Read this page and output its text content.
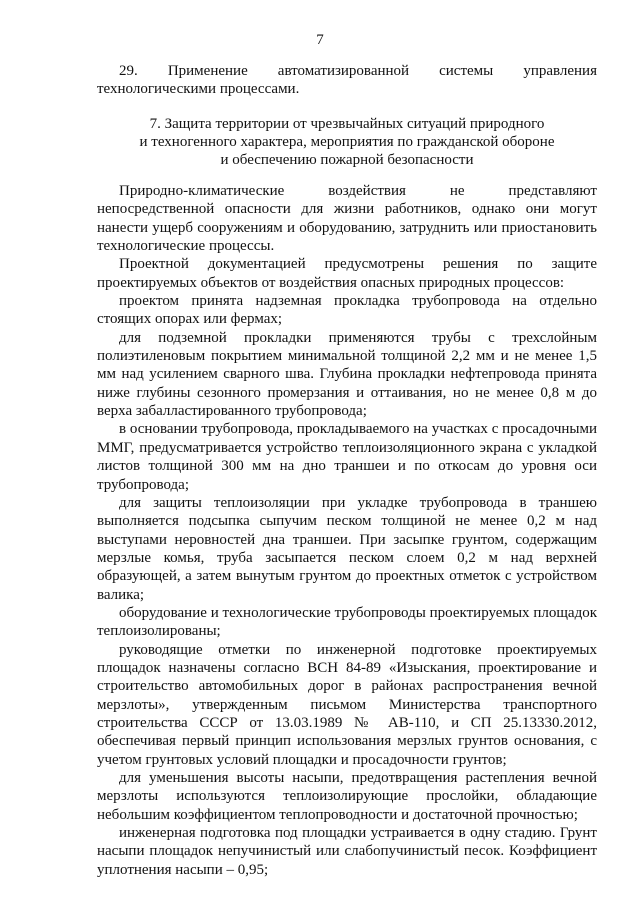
7

29. Применение автоматизированной системы управления технологическими процессами.

7. Защита территории от чрезвычайных ситуаций природного
и техногенного характера, мероприятия по гражданской обороне
и обеспечению пожарной безопасности

Природно-климатические воздействия не представляют непосредственной опасности для жизни работников, однако они могут нанести ущерб сооружениям и оборудованию, затруднить или приостановить технологические процессы.

Проектной документацией предусмотрены решения по защите проектируемых объектов от воздействия опасных природных процессов:

проектом принята надземная прокладка трубопровода на отдельно стоящих опорах или фермах;

для подземной прокладки применяются трубы с трехслойным полиэтиленовым покрытием минимальной толщиной 2,2 мм и не менее 1,5 мм над усилением сварного шва. Глубина прокладки нефтепровода принята ниже глубины сезонного промерзания и оттаивания, но не менее 0,8 м до верха забалластированного трубопровода;

в основании трубопровода, прокладываемого на участках с просадочными ММГ, предусматривается устройство теплоизоляционного экрана с укладкой листов толщиной 300 мм на дно траншеи и по откосам до уровня оси трубопровода;

для защиты теплоизоляции при укладке трубопровода в траншею выполняется подсыпка сыпучим песком толщиной не менее 0,2 м над выступами неровностей дна траншеи. При засыпке грунтом, содержащим мерзлые комья, труба засыпается песком слоем 0,2 м над верхней образующей, а затем вынутым грунтом до проектных отметок с устройством валика;

оборудование и технологические трубопроводы проектируемых площадок теплоизолированы;

руководящие отметки по инженерной подготовке проектируемых площадок назначены согласно ВСН 84-89 «Изыскания, проектирование и строительство автомобильных дорог в районах распространения вечной мерзлоты», утвержденным письмом Министерства транспортного строительства СССР от 13.03.1989 № АВ-110, и СП 25.13330.2012, обеспечивая первый принцип использования мерзлых грунтов основания, с учетом грунтовых условий площадки и просадочности грунтов;

для уменьшения высоты насыпи, предотвращения растепления вечной мерзлоты используются теплоизолирующие прослойки, обладающие небольшим коэффициентом теплопроводности и достаточной прочностью;

инженерная подготовка под площадки устраивается в одну стадию. Грунт насыпи площадок непучинистый или слабопучинистый песок. Коэффициент уплотнения насыпи – 0,95;
